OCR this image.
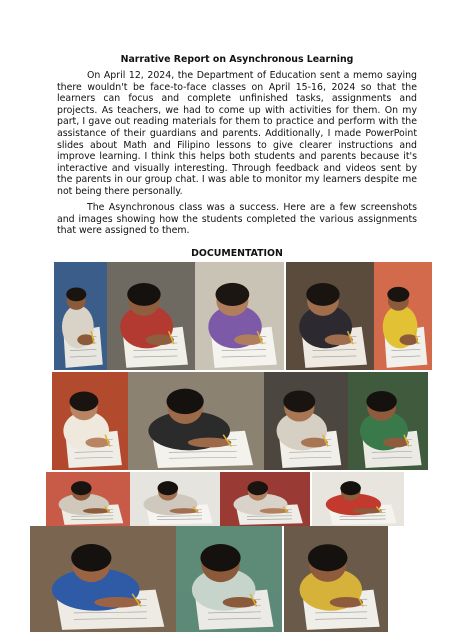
Narrative Report on Asynchronous Learning

On April 12, 2024, the Department of Education sent a memo saying there wouldn't be face-to-face classes on April 15-16, 2024 so that the learners can focus and complete unfinished tasks, assignments and projects. As teachers, we had to come up with activities for them. On my part, I gave out reading materials for them to practice and perform with the assistance of their guardians and parents. Additionally, I made PowerPoint slides about Math and Filipino lessons to give clearer instructions and improve learning. I think this helps both students and parents because it's interactive and visually interesting. Through feedback and videos sent by the parents in our group chat. I was able to monitor my learners despite me not being there personally.

The Asynchronous class was a success. Here are a few screenshots and images showing how the students completed the various assignments that were assigned to them.

DOCUMENTATION
